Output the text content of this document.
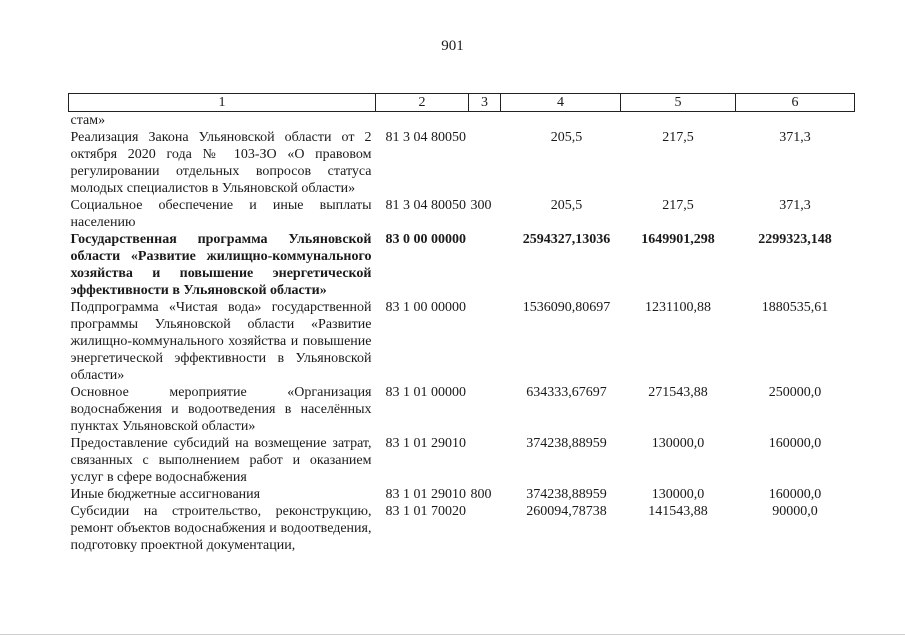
901
1	2	3	4	5	6
стам»					
Реализация Закона Ульяновской области от 2 октября 2020 года № 103-ЗО «О правовом регулировании отдельных вопросов статуса молодых специалистов в Ульяновской области»	81 3 04 80050		205,5	217,5	371,3
Социальное обеспечение и иные выплаты населению	81 3 04 80050	300	205,5	217,5	371,3
Государственная программа Ульяновской области «Развитие жилищно-коммунального хозяйства и повышение энергетической эффективности в Ульяновской области»	83 0 00 00000		2594327,13036	1649901,298	2299323,148
Подпрограмма «Чистая вода» государственной программы Ульяновской области «Развитие жилищно-коммунального хозяйства и повышение энергетической эффективности в Ульяновской области»	83 1 00 00000		1536090,80697	1231100,88	1880535,61
Основное мероприятие «Организация водоснабжения и водоотведения в населённых пунктах Ульяновской области»	83 1 01 00000		634333,67697	271543,88	250000,0
Предоставление субсидий на возмещение затрат, связанных с выполнением работ и оказанием услуг в сфере водоснабжения	83 1 01 29010		374238,88959	130000,0	160000,0
Иные бюджетные ассигнования	83 1 01 29010	800	374238,88959	130000,0	160000,0
Субсидии на строительство, реконструкцию, ремонт объектов водоснабжения и водоотведения, подготовку проектной документации,	83 1 01 70020		260094,78738	141543,88	90000,0
